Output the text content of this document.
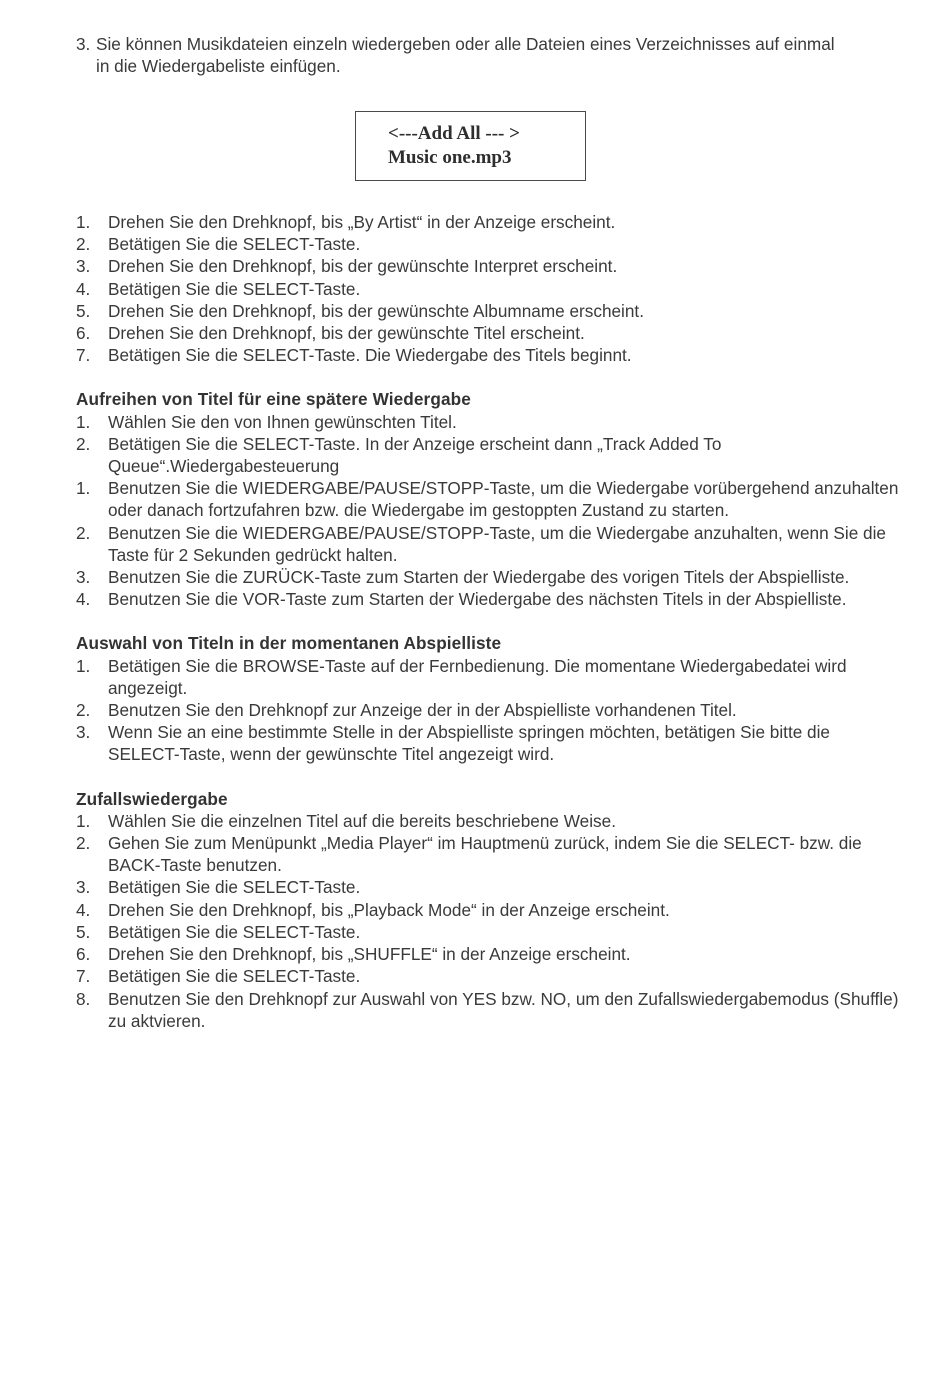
3. Sie können Musikdateien einzeln wiedergeben oder alle Dateien eines Verzeichnisses auf einmal in die Wiedergabeliste einfügen.
<---Add All --- >
Music one.mp3
1.	Drehen Sie den Drehknopf, bis „By Artist“ in der Anzeige erscheint.
2.	Betätigen Sie die SELECT-Taste.
3.	Drehen Sie den Drehknopf, bis der gewünschte Interpret erscheint.
4.	Betätigen Sie die SELECT-Taste.
5.	Drehen Sie den Drehknopf, bis der gewünschte Albumname erscheint.
6.	Drehen Sie den Drehknopf, bis der gewünschte Titel erscheint.
7.	Betätigen Sie die SELECT-Taste. Die Wiedergabe des Titels beginnt.
Aufreihen von Titel für eine spätere Wiedergabe
1.	Wählen Sie den von Ihnen gewünschten Titel.
2.	Betätigen Sie die SELECT-Taste. In der Anzeige erscheint dann „Track Added To Queue“.Wiedergabesteuerung
1.	Benutzen Sie die WIEDERGABE/PAUSE/STOPP-Taste, um die Wiedergabe vorübergehend anzuhalten oder danach fortzufahren bzw. die Wiedergabe im gestoppten Zustand zu starten.
2.	Benutzen Sie die WIEDERGABE/PAUSE/STOPP-Taste, um die Wiedergabe anzuhalten, wenn Sie die Taste für 2 Sekunden gedrückt halten.
3.	Benutzen Sie die ZURÜCK-Taste zum Starten der Wiedergabe des vorigen Titels der Abspielliste.
4.	Benutzen Sie die VOR-Taste zum Starten der Wiedergabe des nächsten Titels in der Abspielliste.
Auswahl von Titeln in der momentanen Abspielliste
1.	Betätigen Sie die BROWSE-Taste auf der Fernbedienung. Die momentane Wiedergabedatei wird angezeigt.
2.	Benutzen Sie den Drehknopf zur Anzeige der in der Abspielliste vorhandenen Titel.
3.	Wenn Sie an eine bestimmte Stelle in der Abspielliste springen möchten, betätigen Sie bitte die SELECT-Taste, wenn der gewünschte Titel angezeigt wird.
Zufallswiedergabe
1.	Wählen Sie die einzelnen Titel auf die bereits beschriebene Weise.
2.	Gehen Sie zum Menüpunkt „Media Player“ im Hauptmenü zurück, indem Sie die SELECT- bzw. die BACK-Taste benutzen.
3.	Betätigen Sie die SELECT-Taste.
4.	Drehen Sie den Drehknopf, bis „Playback Mode“ in der Anzeige erscheint.
5.	Betätigen Sie die SELECT-Taste.
6.	Drehen Sie den Drehknopf, bis „SHUFFLE“ in der Anzeige erscheint.
7.	Betätigen Sie die SELECT-Taste.
8.	Benutzen Sie den Drehknopf zur Auswahl von YES bzw. NO, um den Zufallswiedergabemodus (Shuffle) zu aktvieren.
